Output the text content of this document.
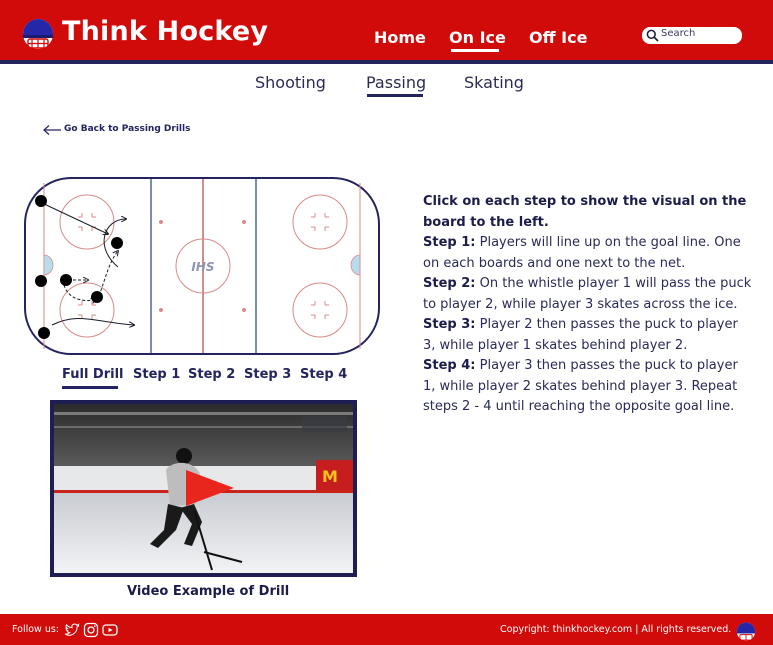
Think Hockey	Home On Ice Off Ice	Search
Shooting	Passing Skating
Go Back to Passing Drills
IHS
Full Drill Step 1 Step 2 Step 3 Step 4
M
Video Example of Drill
Click on each step to show the visual on the board to the left.
Step 1: Players will line up on the goal line. One on each boards and one next to the net.
Step 2: On the whistle player 1 will pass the puck to player 2, while player 3 skates across the ice.
Step 3: Player 2 then passes the puck to player 3, while player 1 skates behind player 2.
Step 4: Player 3 then passes the puck to player 1, while player 2 skates behind player 3. Repeat steps 2 - 4 until reaching the opposite goal line.
Follow us:	Copyright: thinkhockey.com | All rights reserved.
